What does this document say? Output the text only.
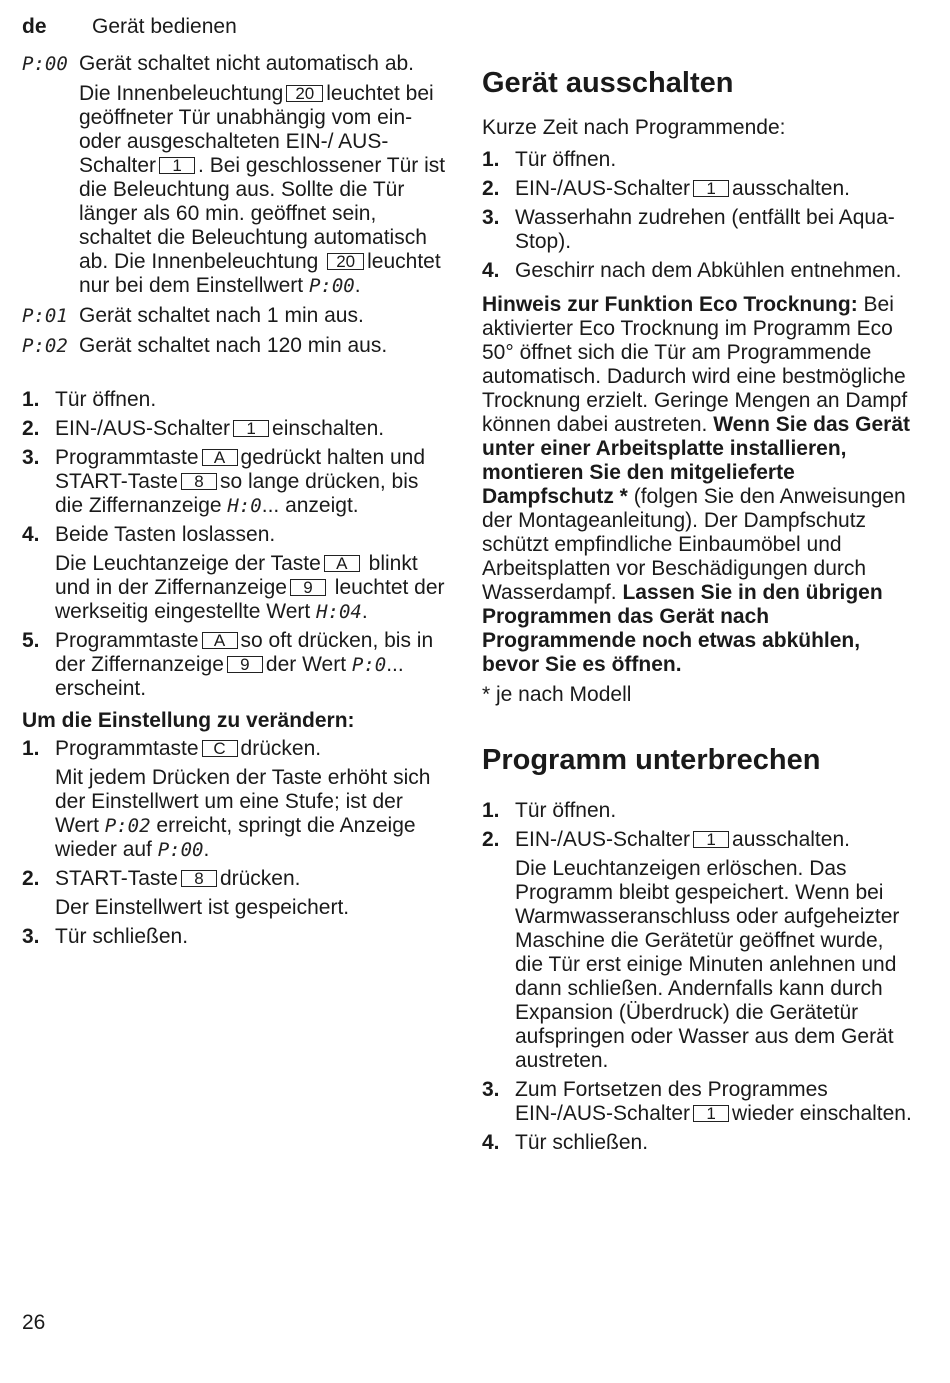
de Gerät bedienen
P:00 Gerät schaltet nicht automatisch ab.

Die Innenbeleuchtung 20 leuchtet bei geöffneter Tür unabhängig vom ein- oder ausgeschalteten EIN-/ AUS-Schalter 1 . Bei geschlossener Tür ist die Beleuchtung aus. Sollte die Tür länger als 60 min. geöffnet sein, schaltet die Beleuchtung automatisch ab. Die Innenbeleuchtung 20 leuchtet nur bei dem Einstellwert P:00.

P:01 Gerät schaltet nach 1 min aus.
P:02 Gerät schaltet nach 120 min aus.
1. Tür öffnen.
2. EIN-/AUS-Schalter 1 einschalten.
3. Programmtaste A gedrückt halten und START-Taste 8 so lange drücken, bis die Ziffernanzeige H:0... anzeigt.
4. Beide Tasten loslassen.
Die Leuchtanzeige der Taste A blinkt und in der Ziffernanzeige 9 leuchtet der werkseitig eingestellte Wert H:04.
5. Programmtaste A so oft drücken, bis in der Ziffernanzeige 9 der Wert P:0... erscheint.

Um die Einstellung zu verändern:

1. Programmtaste C drücken.
Mit jedem Drücken der Taste erhöht sich der Einstellwert um eine Stufe; ist der Wert P:02 erreicht, springt die Anzeige wieder auf P:00.
2. START-Taste 8 drücken.
Der Einstellwert ist gespeichert.
3. Tür schließen.
Gerät ausschalten

Kurze Zeit nach Programmende:

1. Tür öffnen.
2. EIN-/AUS-Schalter 1 ausschalten.
3. Wasserhahn zudrehen (entfällt bei Aqua-Stop).
4. Geschirr nach dem Abkühlen entnehmen.

Hinweis zur Funktion Eco Trocknung: Bei aktivierter Eco Trocknung im Programm Eco 50° öffnet sich die Tür am Programmende automatisch. Dadurch wird eine bestmögliche Trocknung erzielt. Geringe Mengen an Dampf können dabei austreten. Wenn Sie das Gerät unter einer Arbeitsplatte installieren, montieren Sie den mitgelieferte Dampfschutz * (folgen Sie den Anweisungen der Montageanleitung). Der Dampfschutz schützt empfindliche Einbaumöbel und Arbeitsplatten vor Beschädigungen durch Wasserdampf. Lassen Sie in den übrigen Programmen das Gerät nach Programmende noch etwas abkühlen, bevor Sie es öffnen.

* je nach Modell

Programm unterbrechen
1. Tür öffnen.
2. EIN-/AUS-Schalter 1 ausschalten.
Die Leuchtanzeigen erlöschen. Das Programm bleibt gespeichert. Wenn bei Warmwasseranschluss oder aufgeheizter Maschine die Gerätetür geöffnet wurde, die Tür erst einige Minuten anlehnen und dann schließen. Andernfalls kann durch Expansion (Überdruck) die Gerätetür aufspringen oder Wasser aus dem Gerät austreten.
3. Zum Fortsetzen des Programmes EIN-/AUS-Schalter 1 wieder einschalten.
4. Tür schließen.
26
